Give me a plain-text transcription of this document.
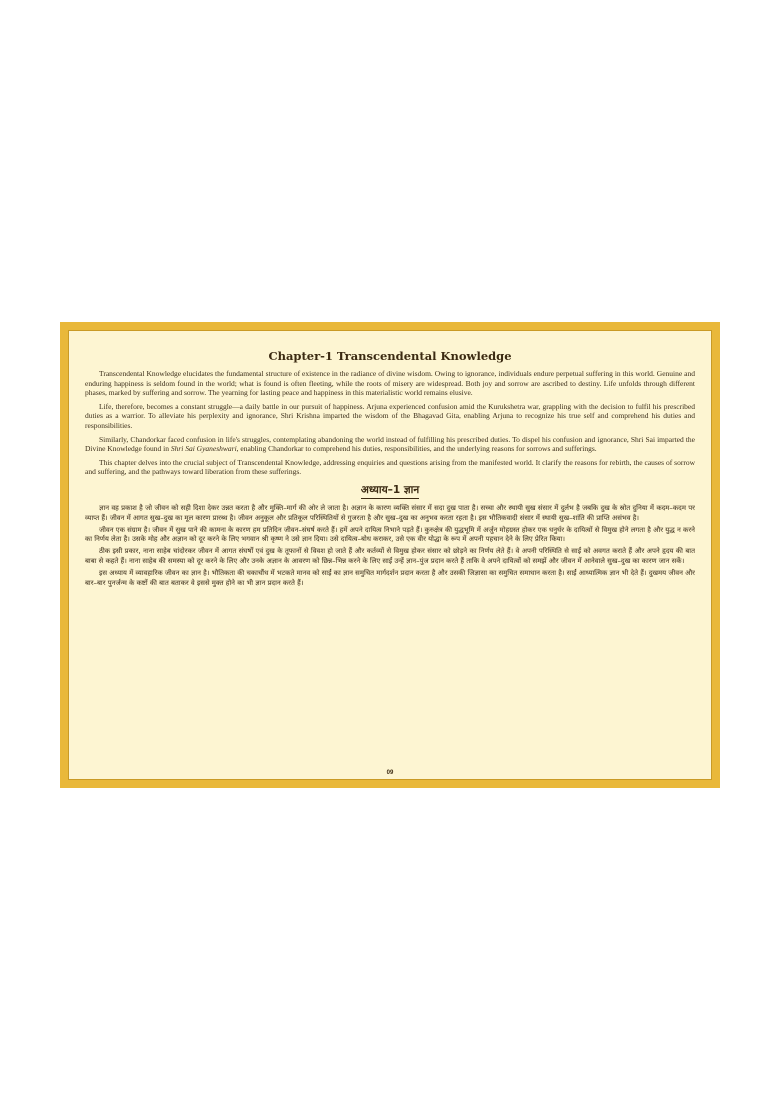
Chapter-1 Transcendental Knowledge

Transcendental Knowledge elucidates the fundamental structure of existence in the radiance of divine wisdom. Owing to ignorance, individuals endure perpetual suffering in this world. Genuine and enduring happiness is seldom found in the world; what is found is often fleeting, while the roots of misery are widespread. Both joy and sorrow are ascribed to destiny. Life unfolds through different phases, marked by suffering and sorrow. The yearning for lasting peace and happiness in this materialistic world remains elusive.

Life, therefore, becomes a constant struggle—a daily battle in our pursuit of happiness. Arjuna experienced confusion amid the Kurukshetra war, grappling with the decision to fulfil his prescribed duties as a warrior. To alleviate his perplexity and ignorance, Shri Krishna imparted the wisdom of the Bhagavad Gita, enabling Arjuna to recognize his true self and comprehend his duties and responsibilities.

Similarly, Chandorkar faced confusion in life's struggles, contemplating abandoning the world instead of fulfilling his prescribed duties. To dispel his confusion and ignorance, Shri Sai imparted the Divine Knowledge found in Shri Sai Gyaneshwari, enabling Chandorkar to comprehend his duties, responsibilities, and the underlying reasons for sorrows and sufferings.

This chapter delves into the crucial subject of Transcendental Knowledge, addressing enquiries and questions arising from the manifested world. It clarify the reasons for rebirth, the causes of sorrow and suffering, and the pathways toward liberation from these sufferings.

अध्याय–1 ज्ञान

ज्ञान वह प्रकाश है जो जीवन को सही दिशा देकर उन्नत करता है और मुक्ति–मार्ग की ओर ले जाता है। अज्ञान के कारण व्यक्ति संसार में सदा दुख पाता है। सच्चा और स्थायी सुख संसार में दुर्लभ है जबकि दुख के स्रोत दुनिया में कदम–कदम पर व्याप्त हैं। जीवन में आगत सुख–दुख का मूल कारण प्रारब्ध है। जीवन अनुकूल और प्रतिकूल परिस्थितियों से गुजरता है और सुख–दुख का अनुभव करता रहता है। इस भौतिकवादी संसार में स्थायी सुख–शांति की प्राप्ति असंभव है।

जीवन एक संग्राम है। जीवन में सुख पाने की कामना के कारण हम प्रतिदिन जीवन–संघर्ष करते हैं। हमें अपने दायित्व निभाने पड़ते हैं। कुरुक्षेत्र की युद्धभूमि में अर्जुन मोहग्रस्त होकर एक धनुर्धर के दायित्वों से विमुख होने लगता है और युद्ध न करने का निर्णय लेता है। उसके मोह और अज्ञान को दूर करने के लिए भगवान श्री कृष्ण ने उसे ज्ञान दिया। उसे दायित्व–बोध कराकर, उसे एक वीर योद्धा के रूप में अपनी पहचान देने के लिए प्रेरित किया।

ठीक इसी प्रकार, नाना साहेब चांदोरकर जीवन में आगत संघर्षों एवं दुख के तूफानों से विवश हो जाते हैं और कर्तव्यों से विमुख होकर संसार को छोड़ने का निर्णय लेते हैं। वे अपनी परिस्थिति से साईं को अवगत कराते हैं और अपने हृदय की बात बाबा से कहते हैं। नाना साहेब की समस्या को दूर करने के लिए और उनके अज्ञान के आवरण को छिन्न–भिन्न करने के लिए साईं उन्हें ज्ञान–पुंज प्रदान करते हैं ताकि वे अपने दायित्वों को समझें और जीवन में आनेवाले सुख–दुख का कारण जान सकें।

इस अध्याय में व्यावहारिक जीवन का ज्ञान है। भौतिकता की चकाचौंध में भटकते मानव को साईं का ज्ञान समुचित मार्गदर्शन प्रदान करता है और उसकी जिज्ञासा का समुचित समाधान करता है। साईं आध्यात्मिक ज्ञान भी देते हैं। दुखमय जीवन और बार–बार पुनर्जन्म के कष्टों की बात बताकर वे इससे मुक्त होने का भी ज्ञान प्रदान करते हैं।

09
